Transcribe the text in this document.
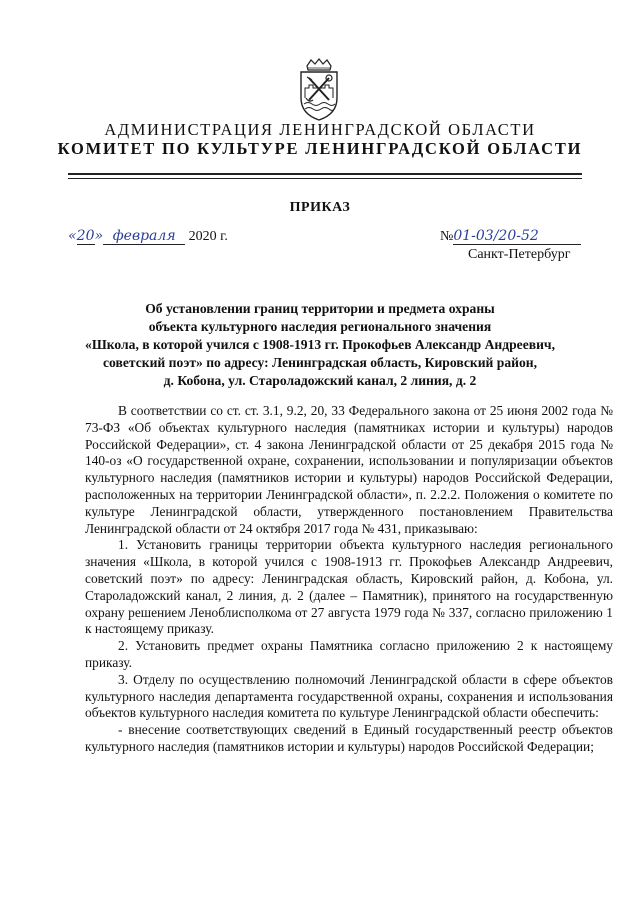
АДМИНИСТРАЦИЯ ЛЕНИНГРАДСКОЙ ОБЛАСТИ
КОМИТЕТ ПО КУЛЬТУРЕ ЛЕНИНГРАДСКОЙ ОБЛАСТИ
ПРИКАЗ
«20» февраля 2020 г.	№01-03/20-52
Санкт-Петербург
Об установлении границ территории и предмета охраны
объекта культурного наследия регионального значения
«Школа, в которой учился с 1908-1913 гг. Прокофьев Александр Андреевич,
советский поэт» по адресу: Ленинградская область, Кировский район,
д. Кобона, ул. Староладожский канал, 2 линия, д. 2

В соответствии со ст. ст. 3.1, 9.2, 20, 33 Федерального закона от 25 июня 2002 года № 73-ФЗ «Об объектах культурного наследия (памятниках истории и культуры) народов Российской Федерации», ст. 4 закона Ленинградской области от 25 декабря 2015 года № 140-оз «О государственной охране, сохранении, использовании и популяризации объектов культурного наследия (памятников истории и культуры) народов Российской Федерации, расположенных на территории Ленинградской области», п. 2.2.2. Положения о комитете по культуре Ленинградской области, утвержденного постановлением Правительства Ленинградской области от 24 октября 2017 года № 431, приказываю:

1. Установить границы территории объекта культурного наследия регионального значения «Школа, в которой учился с 1908-1913 гг. Прокофьев Александр Андреевич, советский поэт» по адресу: Ленинградская область, Кировский район, д. Кобона, ул. Староладожский канал, 2 линия, д. 2 (далее – Памятник), принятого на государственную охрану решением Леноблисполкома от 27 августа 1979 года № 337, согласно приложению 1 к настоящему приказу.

2. Установить предмет охраны Памятника согласно приложению 2 к настоящему приказу.

3. Отделу по осуществлению полномочий Ленинградской области в сфере объектов культурного наследия департамента государственной охраны, сохранения и использования объектов культурного наследия комитета по культуре Ленинградской области обеспечить:

- внесение соответствующих сведений в Единый государственный реестр объектов культурного наследия (памятников истории и культуры) народов Российской Федерации;
